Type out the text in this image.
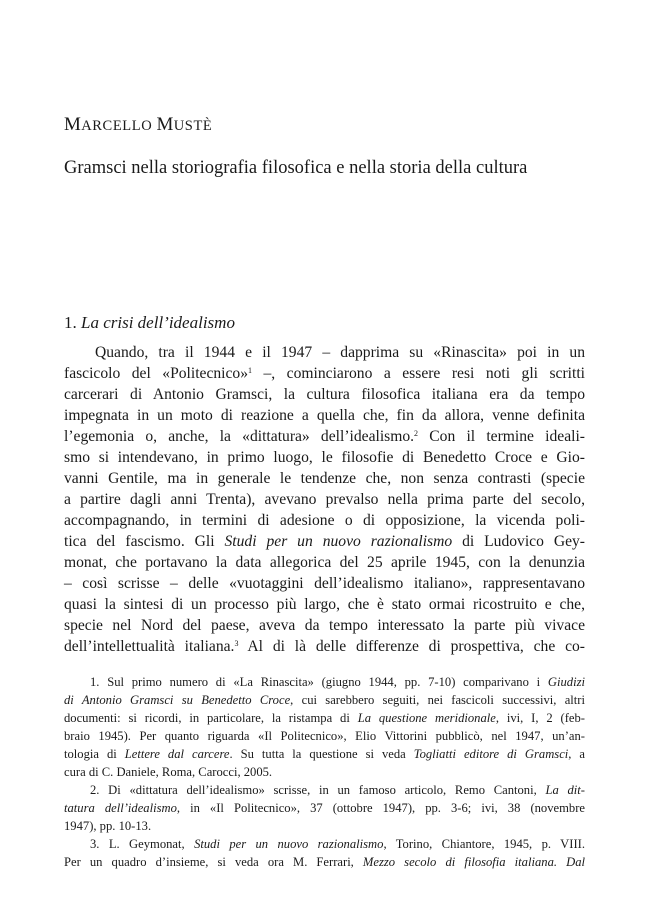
MARCELLO MUSTÈ
Gramsci nella storiografia filosofica e nella storia della cultura
1. La crisi dell’idealismo
Quando, tra il 1944 e il 1947 – dapprima su «Rinascita» poi in un
fascicolo del «Politecnico»$^1$ –, cominciarono a essere resi noti gli scritti
carcerari di Antonio Gramsci, la cultura filosofica italiana era da tempo
impegnata in un moto di reazione a quella che, fin da allora, venne definita
l’egemonia o, anche, la «dittatura» dell’idealismo.$^2$ Con il termine ideali-
smo si intendevano, in primo luogo, le filosofie di Benedetto Croce e Gio-
vanni Gentile, ma in generale le tendenze che, non senza contrasti (specie
a partire dagli anni Trenta), avevano prevalso nella prima parte del secolo,
accompagnando, in termini di adesione o di opposizione, la vicenda poli-
tica del fascismo. Gli Studi per un nuovo razionalismo di Ludovico Gey-
monat, che portavano la data allegorica del 25 aprile 1945, con la denunzia
– così scrisse – delle «vuotaggini dell’idealismo italiano», rappresentavano
quasi la sintesi di un processo più largo, che è stato ormai ricostruito e che,
specie nel Nord del paese, aveva da tempo interessato la parte più vivace
dell’intellettualità italiana.$^3$ Al di là delle differenze di prospettiva, che co-
1. Sul primo numero di «La Rinascita» (giugno 1944, pp. 7-10) comparivano i Giudizi
di Antonio Gramsci su Benedetto Croce, cui sarebbero seguiti, nei fascicoli successivi, altri
documenti: si ricordi, in particolare, la ristampa di La questione meridionale, ivi, I, 2 (feb-
braio 1945). Per quanto riguarda «Il Politecnico», Elio Vittorini pubblicò, nel 1947, un’an-
tologia di Lettere dal carcere. Su tutta la questione si veda Togliatti editore di Gramsci, a
cura di C. Daniele, Roma, Carocci, 2005.
2. Di «dittatura dell’idealismo» scrisse, in un famoso articolo, Remo Cantoni, La dit-
tatura dell’idealismo, in «Il Politecnico», 37 (ottobre 1947), pp. 3-6; ivi, 38 (novembre
1947), pp. 10-13.
3. L. Geymonat, Studi per un nuovo razionalismo, Torino, Chiantore, 1945, p. VIII.
Per un quadro d’insieme, si veda ora M. Ferrari, Mezzo secolo di filosofia italiana. Dal
